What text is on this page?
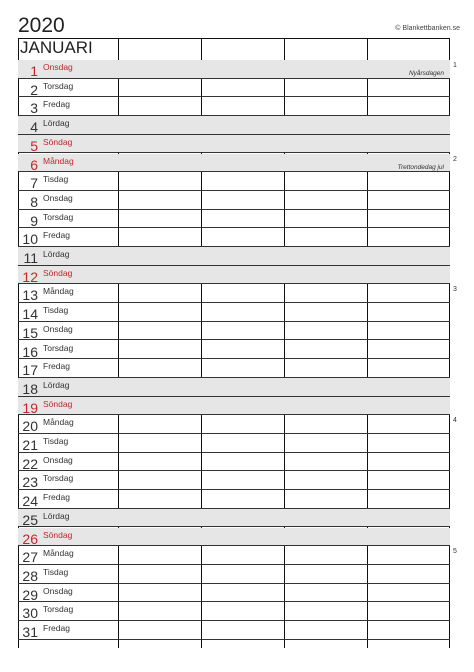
2020	© Blankettbanken.se
1 Onsdag
Nyårsdagen
2 Torsdag
3 Fredag
4 Lördag
5 Söndag
6 Måndag
Trettondedag jul
7 Tisdag
8 Onsdag
9 Torsdag
10 Fredag
11 Lördag
12 Söndag
13 Måndag
14 Tisdag
15 Onsdag
16 Torsdag
17 Fredag
18 Lördag
19 Söndag
20 Måndag
21 Tisdag
22 Onsdag
23 Torsdag
24 Fredag
25 Lördag
26 Söndag
27 Måndag
28 Tisdag
29 Onsdag
30 Torsdag
31 Fredag
JANUARI
1
2
3
4
5
